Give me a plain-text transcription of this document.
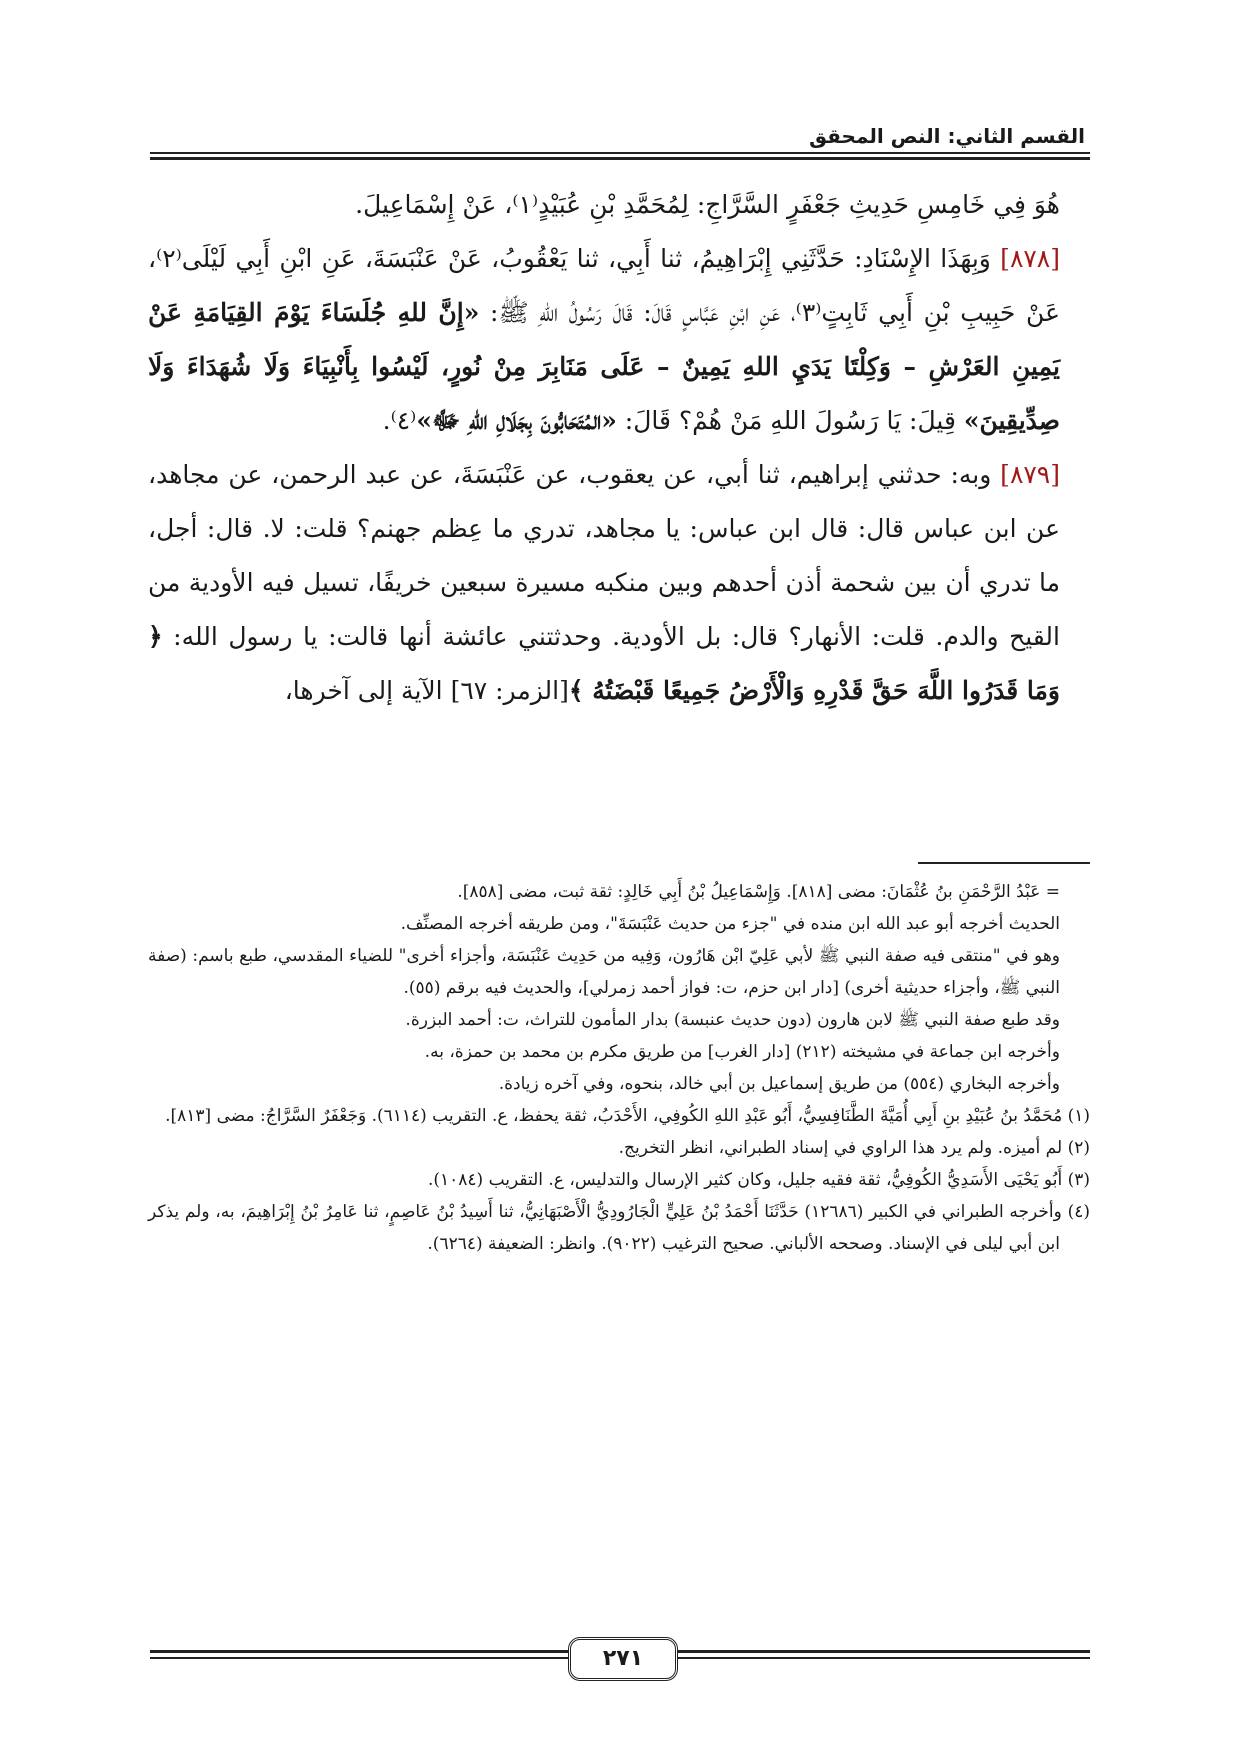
القسم الثاني: النص المحقق

هُوَ فِي خَامِسِ حَدِيثِ جَعْفَرٍ السَّرَّاجِ: لِمُحَمَّدِ بْنِ عُبَيْدٍ⁽١⁾، عَنْ إِسْمَاعِيلَ.

[٨٧٨] وَبِهَذَا الإِسْنَادِ: حَدَّثَنِي إِبْرَاهِيمُ، ثنا أَبِي، ثنا يَعْقُوبُ، عَنْ عَنْبَسَةَ، عَنِ ابْنِ أَبِي لَيْلَى⁽٢⁾، عَنْ حَبِيبِ بْنِ أَبِي ثَابِتٍ⁽٣⁾، عَنِ ابْنِ عَبَّاسٍ قَالَ: قَالَ رَسُولُ اللهِ ﷺ: «إِنَّ للهِ جُلَسَاءَ يَوْمَ القِيَامَةِ عَنْ يَمِينِ العَرْشِ – وَكِلْتَا يَدَيِ اللهِ يَمِينٌ – عَلَى مَنَابِرَ مِنْ نُورٍ، لَيْسُوا بِأَنْبِيَاءَ وَلَا شُهَدَاءَ وَلَا صِدِّيقِينَ» قِيلَ: يَا رَسُولَ اللهِ مَنْ هُمْ؟ قَالَ: «المُتَحَابُّونَ بِجَلَالِ اللهِ ﷻ»⁽٤⁾.

[٨٧٩] وبه: حدثني إبراهيم، ثنا أبي، عن يعقوب، عن عَنْبَسَةَ، عن عبد الرحمن، عن مجاهد، عن ابن عباس قال: قال ابن عباس: يا مجاهد، تدري ما عِظم جهنم؟ قلت: لا. قال: أجل، ما تدري أن بين شحمة أذن أحدهم وبين منكبه مسيرة سبعين خريفًا، تسيل فيه الأودية من القيح والدم. قلت: الأنهار؟ قال: بل الأودية. وحدثتني عائشة أنها قالت: يا رسول الله: ﴿ وَمَا قَدَرُوا اللَّهَ حَقَّ قَدْرِهِ وَالْأَرْضُ جَمِيعًا قَبْضَتُهُ ﴾[الزمر: ٦٧] الآية إلى آخرها،

= عَبْدُ الرَّحْمَنِ بنُ عُثْمَانَ: مضى [٨١٨]. وَإِسْمَاعِيلُ بْنُ أَبِي خَالِدٍ: ثقة ثبت، مضى [٨٥٨].

الحديث أخرجه أبو عبد الله ابن منده في "جزء من حديث عَنْبَسَةَ"، ومن طريقه أخرجه المصنِّف.

وهو في "منتقى فيه صفة النبي ﷺ لأبي عَلِيّ ابْن هَارُون، وَفِيه من حَدِيث عَنْبَسَة، وأجزاء أخرى" للضياء المقدسي، طبع باسم: (صفة النبي ﷺ، وأجزاء حديثية أخرى) [دار ابن حزم، ت: فواز أحمد زمرلي]، والحديث فيه برقم (٥٥).

وقد طبع صفة النبي ﷺ لابن هارون (دون حديث عنبسة) بدار المأمون للتراث، ت: أحمد البزرة.

وأخرجه ابن جماعة في مشيخته (٢١٢) [دار الغرب] من طريق مكرم بن محمد بن حمزة، به.

وأخرجه البخاري (٥٥٤) من طريق إسماعيل بن أبي خالد، بنحوه، وفي آخره زيادة.

(١) مُحَمَّدُ بنُ عُبَيْدِ بنِ أَبِي أُمَيَّةَ الطَّنَافِسِيُّ، أَبُو عَبْدِ اللهِ الكُوفِي، الأَحْدَبُ، ثقة يحفظ، ع. التقريب (٦١١٤). وَجَعْفَرٌ السَّرَّاجُ: مضى [٨١٣].

(٢) لم أميزه. ولم يرد هذا الراوي في إسناد الطبراني، انظر التخريج.

(٣) أَبُو يَحْيَى الأَسَدِيُّ الكُوفِيُّ، ثقة فقيه جليل، وكان كثير الإرسال والتدليس، ع. التقريب (١٠٨٤).

(٤) وأخرجه الطبراني في الكبير (١٢٦٨٦) حَدَّثَنَا أَحْمَدُ بْنُ عَلِيٍّ الْجَارُودِيُّ الْأَصْبَهَانِيُّ، ثنا أَسِيدُ بْنُ عَاصِمٍ، ثنا عَامِرُ بْنُ إِبْرَاهِيمَ، به، ولم يذكر ابن أبي ليلى في الإسناد. وصححه الألباني. صحيح الترغيب (٩٠٢٢). وانظر: الضعيفة (٦٢٦٤).

٢٧١
